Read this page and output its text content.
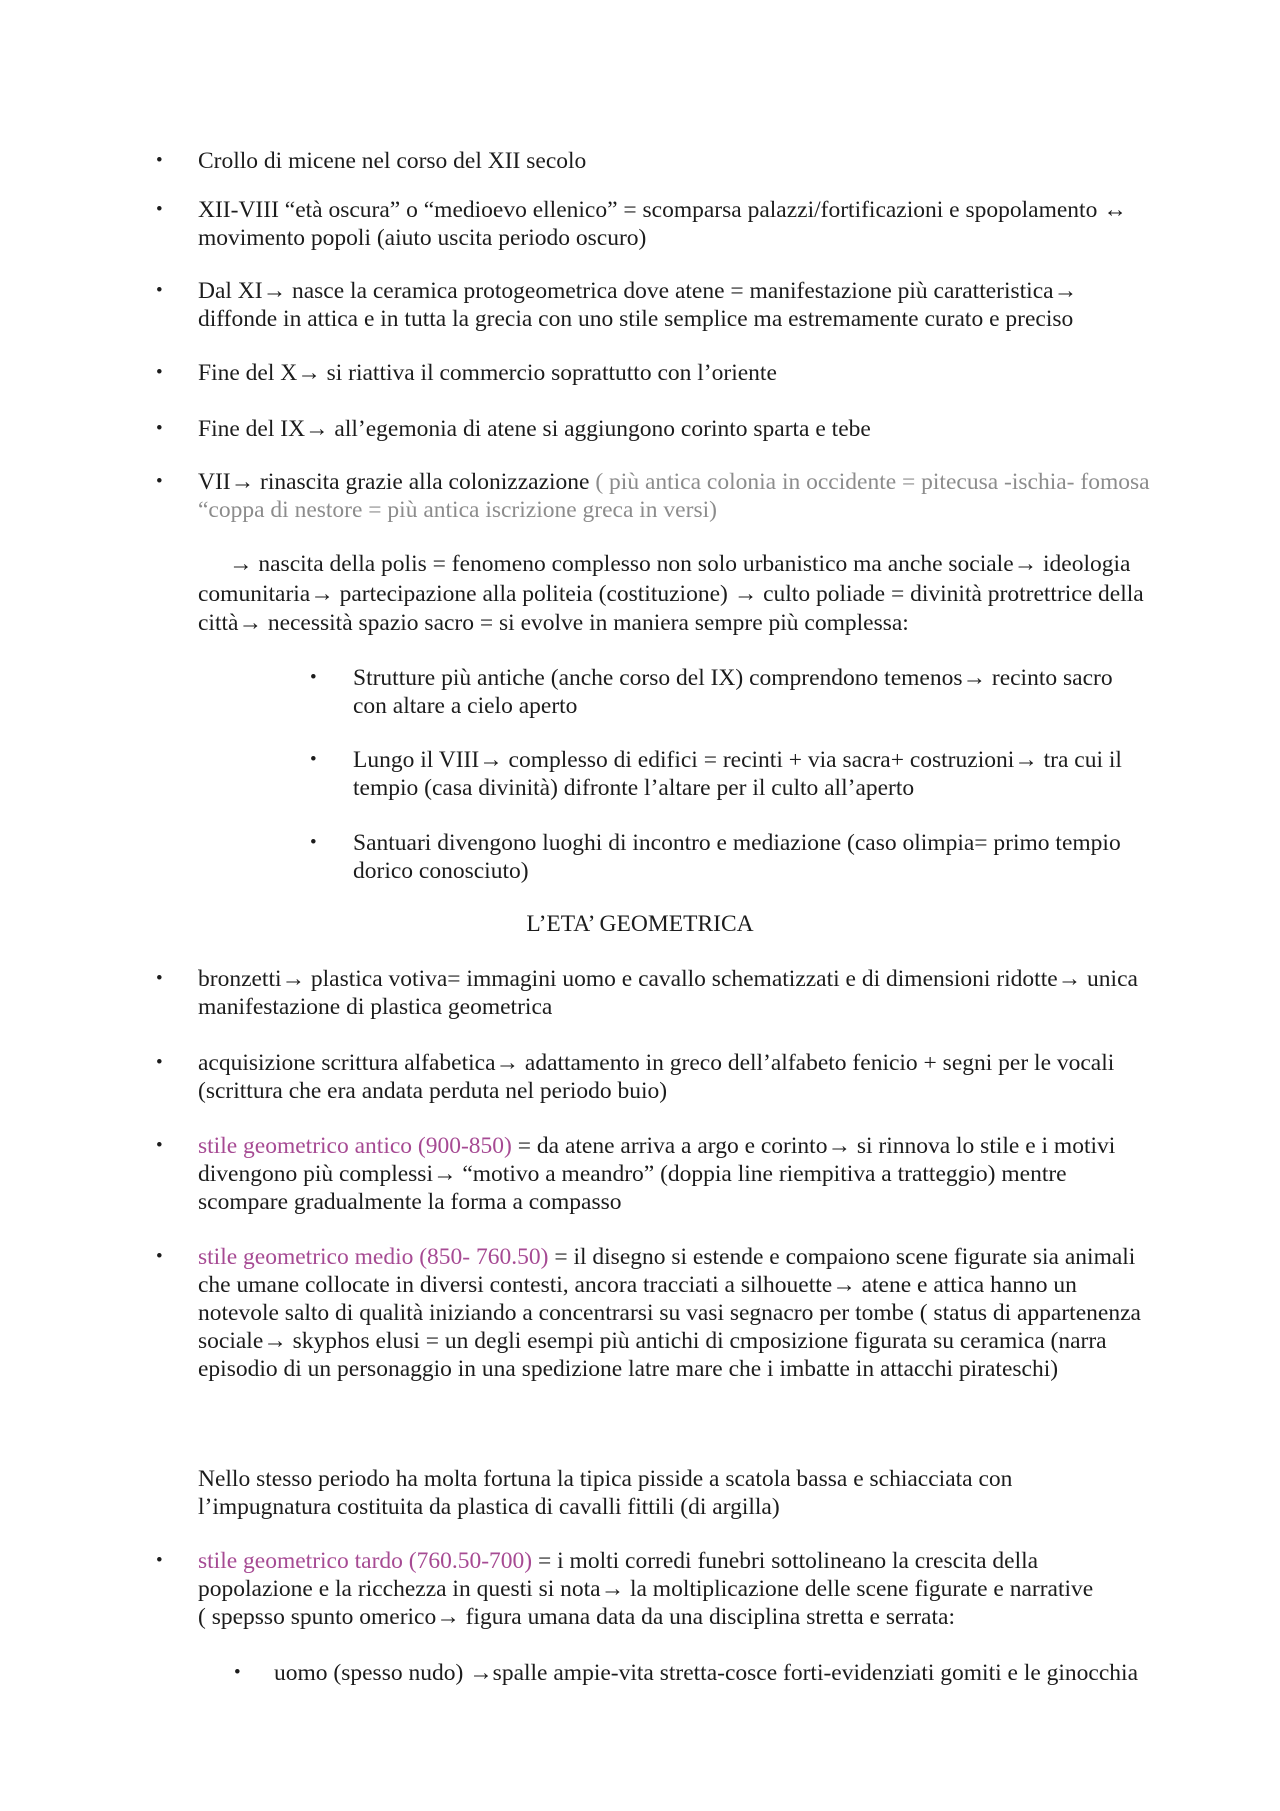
• Crollo di micene nel corso del XII secolo
• XII-VIII “età oscura” o “medioevo ellenico” = scomparsa palazzi/fortificazioni e spopolamento ↔
movimento popoli (aiuto uscita periodo oscuro)
• Dal XI→ nasce la ceramica protogeometrica dove atene = manifestazione più caratteristica→
diffonde in attica e in tutta la grecia con uno stile semplice ma estremamente curato e preciso
• Fine del X→ si riattiva il commercio soprattutto con l’oriente
• Fine del IX→ all’egemonia di atene si aggiungono corinto sparta e tebe
• VII→ rinascita grazie alla colonizzazione ( più antica colonia in occidente = pitecusa -ischia- fomosa
“coppa di nestore = più antica iscrizione greca in versi)
→ nascita della polis = fenomeno complesso non solo urbanistico ma anche sociale→ ideologia
comunitaria→ partecipazione alla politeia (costituzione) → culto poliade = divinità protrettrice della
città→ necessità spazio sacro = si evolve in maniera sempre più complessa:
• Strutture più antiche (anche corso del IX) comprendono temenos→ recinto sacro
con altare a cielo aperto
• Lungo il VIII→ complesso di edifici = recinti + via sacra+ costruzioni→ tra cui il
tempio (casa divinità) difronte l’altare per il culto all’aperto
• Santuari divengono luoghi di incontro e mediazione (caso olimpia= primo tempio
dorico conosciuto)
L’ETA’ GEOMETRICA
• bronzetti→ plastica votiva= immagini uomo e cavallo schematizzati e di dimensioni ridotte→ unica
manifestazione di plastica geometrica
• acquisizione scrittura alfabetica→ adattamento in greco dell’alfabeto fenicio + segni per le vocali
(scrittura che era andata perduta nel periodo buio)
• stile geometrico antico (900-850) = da atene arriva a argo e corinto→ si rinnova lo stile e i motivi
divengono più complessi→ “motivo a meandro” (doppia line riempitiva a tratteggio) mentre
scompare gradualmente la forma a compasso
• stile geometrico medio (850- 760.50) = il disegno si estende e compaiono scene figurate sia animali
che umane collocate in diversi contesti, ancora tracciati a silhouette→ atene e attica hanno un
notevole salto di qualità iniziando a concentrarsi su vasi segnacro per tombe ( status di appartenenza
sociale→ skyphos elusi = un degli esempi più antichi di cmposizione figurata su ceramica (narra
episodio di un personaggio in una spedizione latre mare che i imbatte in attacchi pirateschi)
Nello stesso periodo ha molta fortuna la tipica pisside a scatola bassa e schiacciata con
l’impugnatura costituita da plastica di cavalli fittili (di argilla)
• stile geometrico tardo (760.50-700) = i molti corredi funebri sottolineano la crescita della
popolazione e la ricchezza in questi si nota→ la moltiplicazione delle scene figurate e narrative
( spepsso spunto omerico→ figura umana data da una disciplina stretta e serrata:
• uomo (spesso nudo) →spalle ampie-vita stretta-cosce forti-evidenziati gomiti e le ginocchia
